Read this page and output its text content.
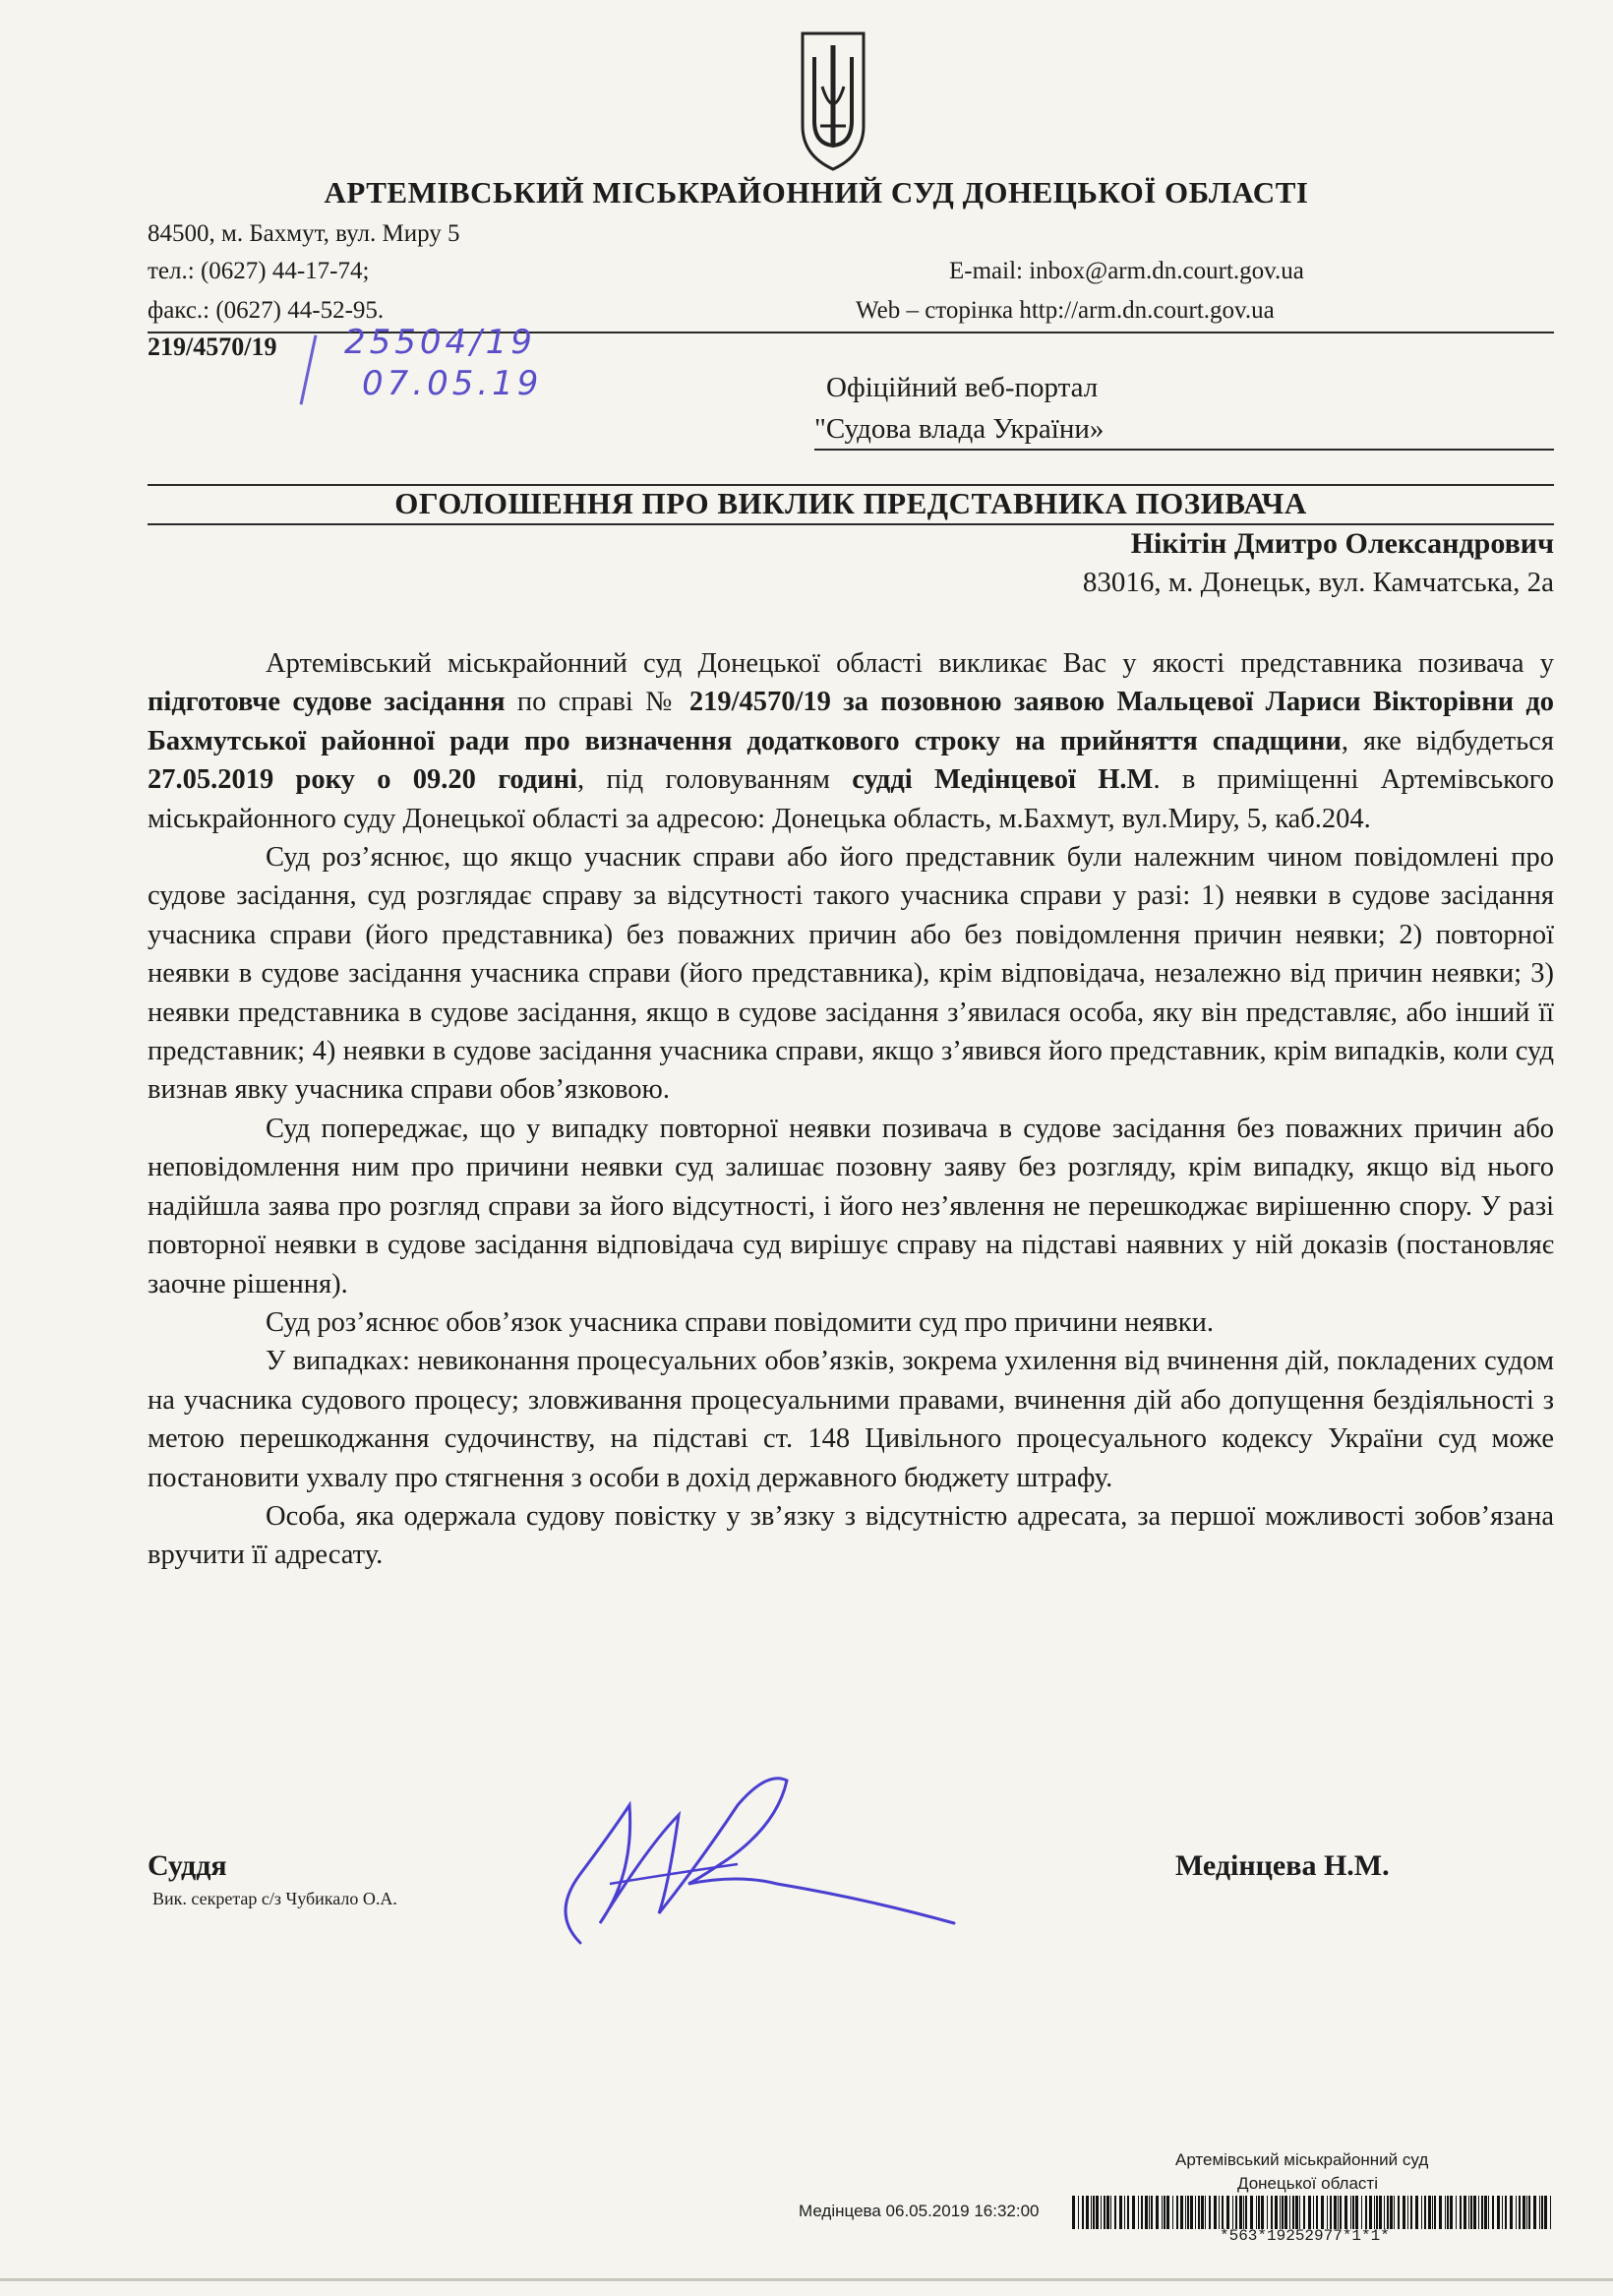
АРТЕМІВСЬКИЙ МІСЬКРАЙОННИЙ СУД ДОНЕЦЬКОЇ ОБЛАСТІ
84500, м. Бахмут, вул. Миру 5
тел.: (0627) 44-17-74;	E-mail: inbox@arm.dn.court.gov.ua
факс.: (0627) 44-52-95.	Web – сторінка http://arm.dn.court.gov.ua
219/4570/19 25504/19
07.05.19	Офіційний веб-портал
"Судова влада України»
ОГОЛОШЕННЯ ПРО ВИКЛИК ПРЕДСТАВНИКА ПОЗИВАЧА
Нікітін Дмитро Олександрович
83016, м. Донецьк, вул. Камчатська, 2а

Артемівський міськрайонний суд Донецької області викликає Вас у якості представника позивача у підготовче судове засідання по справі № 219/4570/19 за позовною заявою Мальцевої Лариси Вікторівни до Бахмутської районної ради про визначення додаткового строку на прийняття спадщини, яке відбудеться 27.05.2019 року о 09.20 годині, під головуванням судді Медінцевої Н.М. в приміщенні Артемівського міськрайонного суду Донецької області за адресою: Донецька область, м.Бахмут, вул.Миру, 5, каб.204.

Суд роз’яснює, що якщо учасник справи або його представник були належним чином повідомлені про судове засідання, суд розглядає справу за відсутності такого учасника справи у разі: 1) неявки в судове засідання учасника справи (його представника) без поважних причин або без повідомлення причин неявки; 2) повторної неявки в судове засідання учасника справи (його представника), крім відповідача, незалежно від причин неявки; 3) неявки представника в судове засідання, якщо в судове засідання з’явилася особа, яку він представляє, або інший її представник; 4) неявки в судове засідання учасника справи, якщо з’явився його представник, крім випадків, коли суд визнав явку учасника справи обов’язковою.

Суд попереджає, що у випадку повторної неявки позивача в судове засідання без поважних причин або неповідомлення ним про причини неявки суд залишає позовну заяву без розгляду, крім випадку, якщо від нього надійшла заява про розгляд справи за його відсутності, і його нез’явлення не перешкоджає вирішенню спору. У разі повторної неявки в судове засідання відповідача суд вирішує справу на підставі наявних у ній доказів (постановляє заочне рішення).

Суд роз’яснює обов’язок учасника справи повідомити суд про причини неявки.

У випадках: невиконання процесуальних обов’язків, зокрема ухилення від вчинення дій, покладених судом на учасника судового процесу; зловживання процесуальними правами, вчинення дій або допущення бездіяльності з метою перешкоджання судочинству, на підставі ст. 148 Цивільного процесуального кодексу України суд може постановити ухвалу про стягнення з особи в дохід державного бюджету штрафу.

Особа, яка одержала судову повістку у зв’язку з відсутністю адресата, за першої можливості зобов’язана вручити її адресату.

Суддя
Вик. секретар с/з Чубикало О.А.
Медінцева Н.М.
Артемівський міськрайонний суд
Донецької області
Медінцева 06.05.2019 16:32:00
*563*19252977*1*1*
